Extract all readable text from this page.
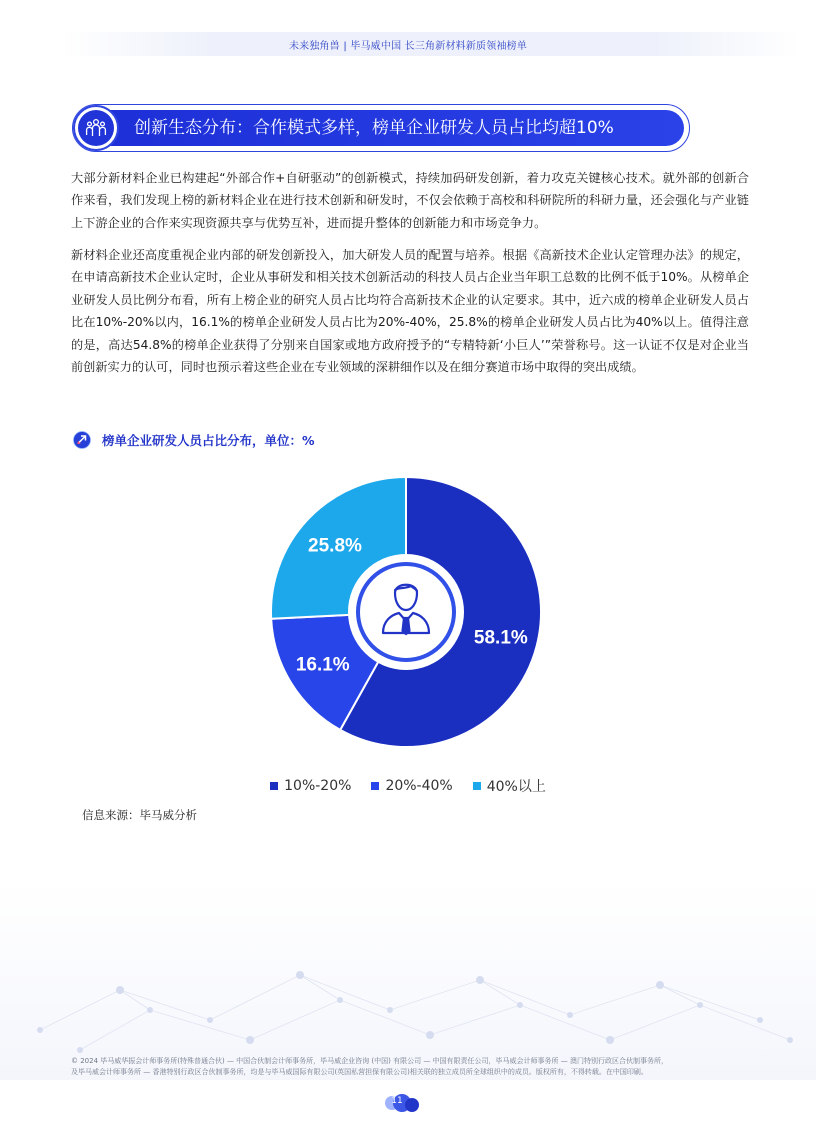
未来独角兽 | 毕马威中国 长三角新材料新质领袖榜单
创新生态分布：合作模式多样，榜单企业研发人员占比均超10%

大部分新材料企业已构建起“外部合作+自研驱动”的创新模式，持续加码研发创新，着力攻克关键核心技术。就外部的创新合作来看，我们发现上榜的新材料企业在进行技术创新和研发时，不仅会依赖于高校和科研院所的科研力量，还会强化与产业链上下游企业的合作来实现资源共享与优势互补，进而提升整体的创新能力和市场竞争力。

新材料企业还高度重视企业内部的研发创新投入，加大研发人员的配置与培养。根据《高新技术企业认定管理办法》的规定，在申请高新技术企业认定时，企业从事研发和相关技术创新活动的科技人员占企业当年职工总数的比例不低于10%。从榜单企业研发人员比例分布看，所有上榜企业的研究人员占比均符合高新技术企业的认定要求。其中，近六成的榜单企业研发人员占比在10%-20%以内，16.1%的榜单企业研发人员占比为20%-40%，25.8%的榜单企业研发人员占比为40%以上。值得注意的是，高达54.8%的榜单企业获得了分别来自国家或地方政府授予的“专精特新‘小巨人’”荣誉称号。这一认证不仅是对企业当前创新实力的认可，同时也预示着这些企业在专业领域的深耕细作以及在细分赛道市场中取得的突出成绩。

榜单企业研发人员占比分布，单位：%
58.1%
16.1%
25.8%
10%-20% 20%-40% 40%以上
信息来源：毕马威分析
© 2024 毕马威华振会计师事务所(特殊普通合伙) — 中国合伙制会计师事务所，毕马威企业咨询 (中国) 有限公司 — 中国有限责任公司，毕马威会计师事务所 — 澳门特别行政区合伙制事务所，
及毕马威会计师事务所 — 香港特别行政区合伙制事务所，均是与毕马威国际有限公司(英国私营担保有限公司)相关联的独立成员所全球组织中的成员。版权所有，不得转载。在中国印刷。
11
